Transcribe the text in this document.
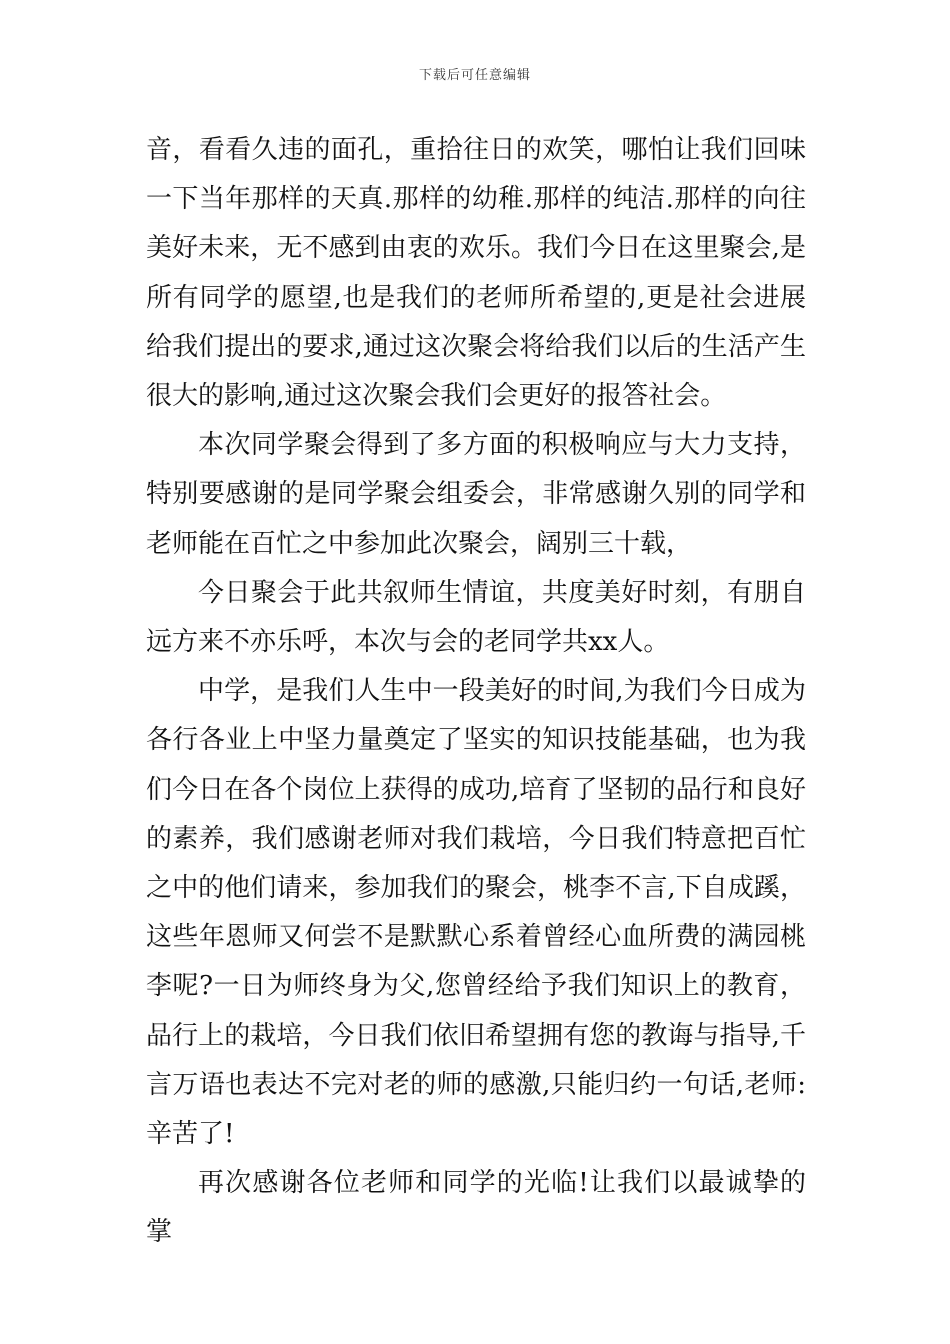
下载后可任意编辑

音，看看久违的面孔，重拾往日的欢笑，哪怕让我们回味一下当年那样的天真.那样的幼稚.那样的纯洁.那样的向往美好未来，无不感到由衷的欢乐。我们今日在这里聚会,是所有同学的愿望,也是我们的老师所希望的,更是社会进展给我们提出的要求,通过这次聚会将给我们以后的生活产生很大的影响,通过这次聚会我们会更好的报答社会。

本次同学聚会得到了多方面的积极响应与大力支持，特别要感谢的是同学聚会组委会，非常感谢久别的同学和老师能在百忙之中参加此次聚会，阔别三十载，

今日聚会于此共叙师生情谊，共度美好时刻，有朋自远方来不亦乐呼，本次与会的老同学共xx人。

中学，是我们人生中一段美好的时间,为我们今日成为各行各业上中坚力量奠定了坚实的知识技能基础，也为我们今日在各个岗位上获得的成功,培育了坚韧的品行和良好的素养，我们感谢老师对我们栽培，今日我们特意把百忙之中的他们请来，参加我们的聚会，桃李不言,下自成蹊，这些年恩师又何尝不是默默心系着曾经心血所费的满园桃李呢?一日为师终身为父,您曾经给予我们知识上的教育，品行上的栽培，今日我们依旧希望拥有您的教诲与指导,千言万语也表达不完对老的师的感激,只能归约一句话,老师:辛苦了!

再次感谢各位老师和同学的光临!让我们以最诚挚的掌
